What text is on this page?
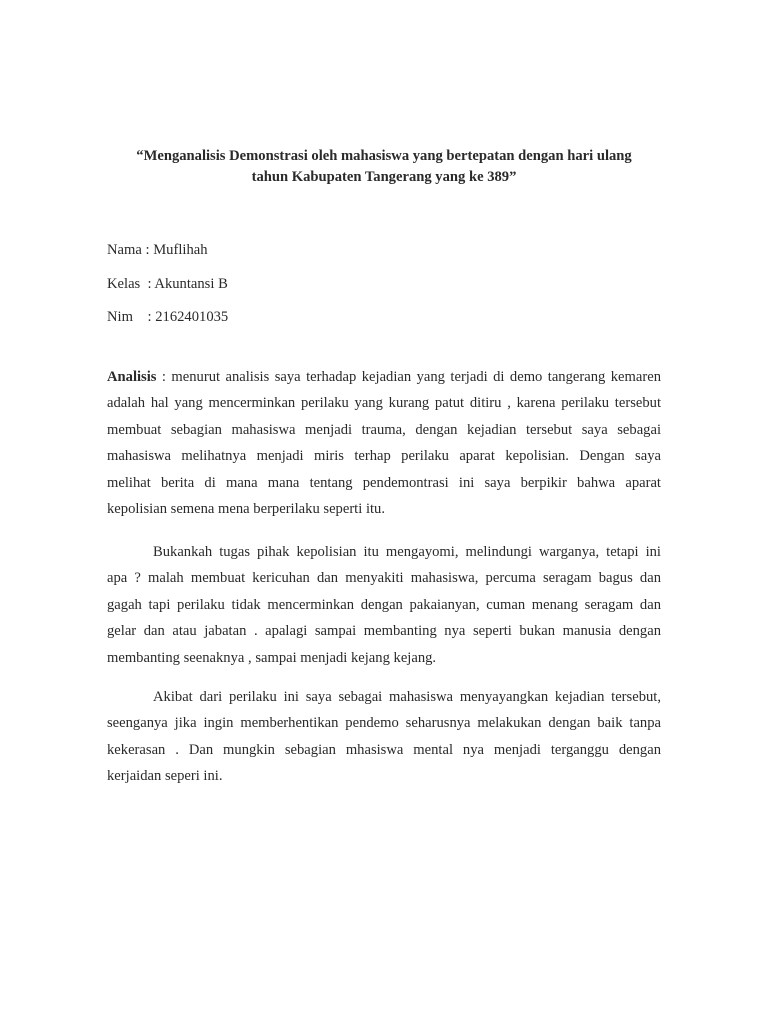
“Menganalisis Demonstrasi oleh mahasiswa yang bertepatan dengan hari ulang
tahun Kabupaten Tangerang yang ke 389”
Nama : Muflihah
Kelas  : Akuntansi B
Nim    : 2162401035
Analisis : menurut analisis saya terhadap kejadian yang terjadi di demo tangerang kemaren
adalah hal yang mencerminkan perilaku yang kurang patut ditiru , karena perilaku tersebut
membuat sebagian mahasiswa menjadi trauma, dengan kejadian tersebut saya sebagai
mahasiswa melihatnya menjadi miris terhap perilaku aparat kepolisian. Dengan saya
melihat berita di mana mana tentang pendemontrasi ini saya berpikir bahwa aparat
kepolisian semena mena berperilaku seperti itu.
Bukankah tugas pihak kepolisian itu mengayomi, melindungi warganya, tetapi ini
apa ? malah membuat kericuhan dan menyakiti mahasiswa, percuma seragam bagus dan
gagah tapi perilaku tidak mencerminkan dengan pakaianyan, cuman menang seragam dan
gelar dan atau jabatan . apalagi sampai membanting nya seperti bukan manusia dengan
membanting seenaknya , sampai menjadi kejang kejang.
Akibat dari perilaku ini saya sebagai mahasiswa menyayangkan kejadian tersebut,
seenganya jika ingin memberhentikan pendemo seharusnya melakukan dengan baik tanpa
kekerasan . Dan mungkin sebagian mhasiswa mental nya menjadi terganggu dengan
kerjaidan seperi ini.
